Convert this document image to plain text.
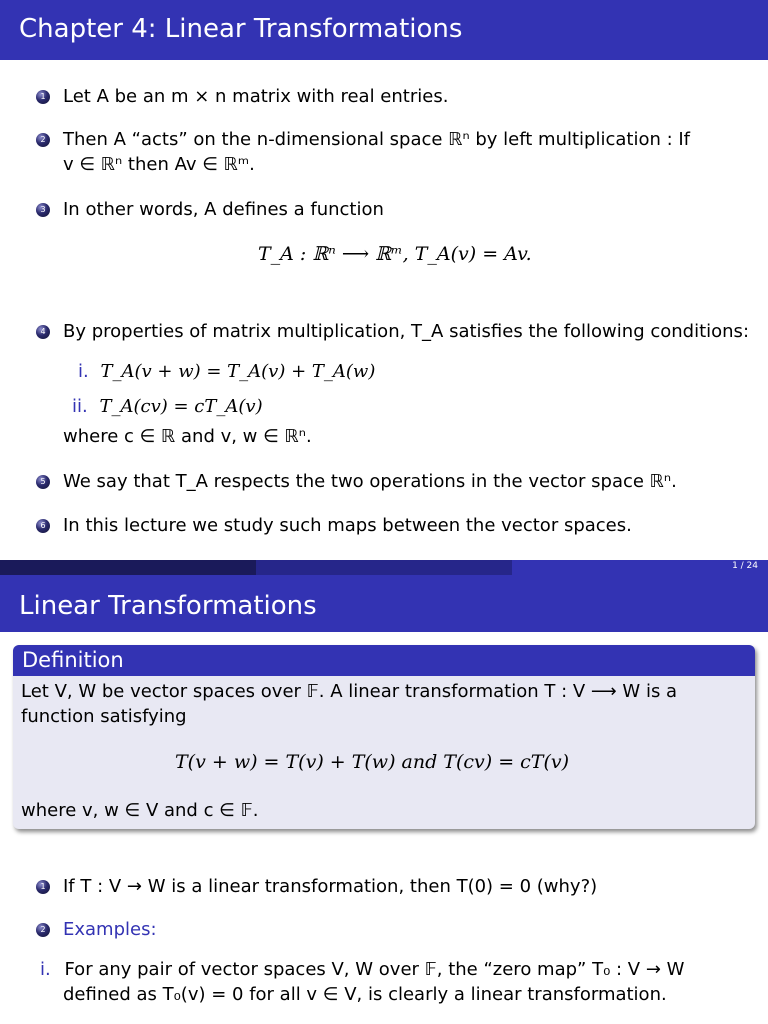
Chapter 4: Linear Transformations
1 Let A be an m × n matrix with real entries.
2 Then A “acts” on the n-dimensional space ℝⁿ by left multiplication : If
v ∈ ℝⁿ then Av ∈ ℝᵐ.
3 In other words, A defines a function
T_A : ℝⁿ ⟶ ℝᵐ, T_A(v) = Av.
4 By properties of matrix multiplication, T_A satisfies the following conditions:
i. T_A(v + w) = T_A(v) + T_A(w)
ii. T_A(cv) = cT_A(v)
where c ∈ ℝ and v, w ∈ ℝⁿ.
5 We say that T_A respects the two operations in the vector space ℝⁿ.
6 In this lecture we study such maps between the vector spaces.
1 / 24
Linear Transformations
Definition
Let V, W be vector spaces over 𝔽. A linear transformation T : V ⟶ W is a
function satisfying
T(v + w) = T(v) + T(w) and T(cv) = cT(v)
where v, w ∈ V and c ∈ 𝔽.
1 If T : V → W is a linear transformation, then T(0) = 0 (why?)
2 Examples:
i. For any pair of vector spaces V, W over 𝔽, the “zero map” T₀ : V → W
defined as T₀(v) = 0 for all v ∈ V, is clearly a linear transformation.
